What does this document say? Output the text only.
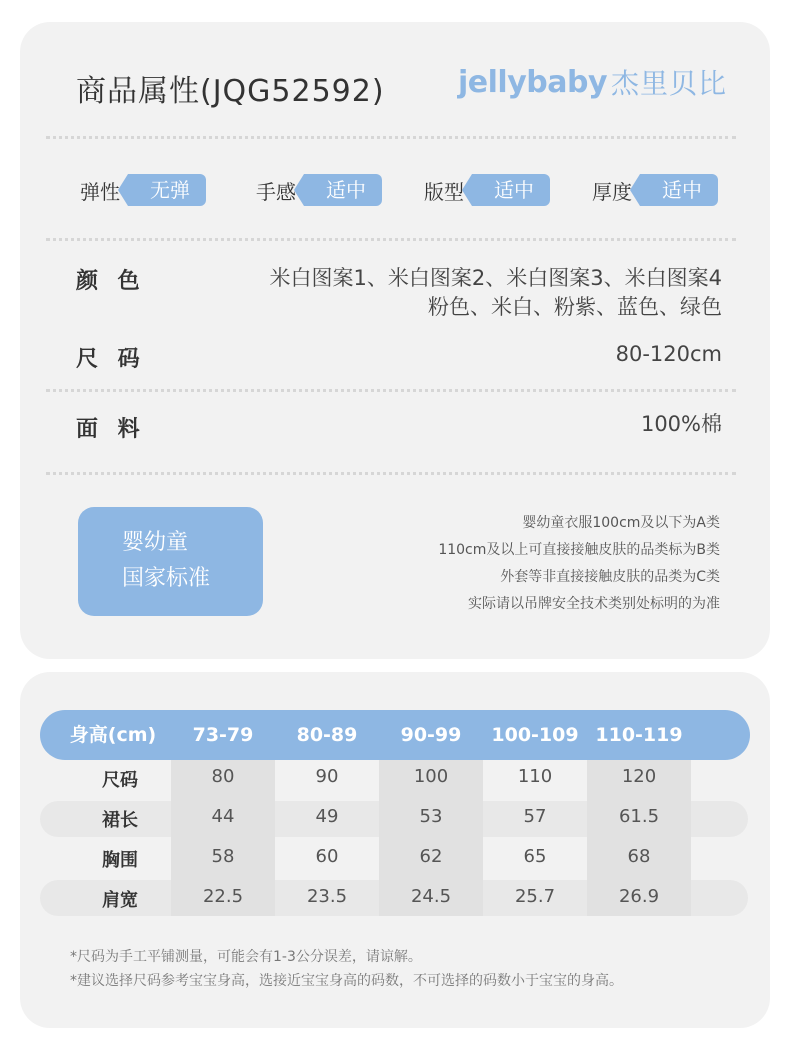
商品属性(JQG52592) jellybaby 杰里贝比
弹性	无弹	手感	适中	版型	适中	厚度	适中
颜 色	米白图案1、米白图案2、米白图案3、米白图案4
粉色、米白、粉紫、蓝色、绿色
尺 码	80-120cm
面 料	100%棉
婴幼童
国家标准
婴幼童衣服100cm及以下为A类
110cm及以上可直接接触皮肤的品类标为B类
外套等非直接接触皮肤的品类为C类
实际请以吊牌安全技术类别处标明的为准
身高(cm)	73-79	80-89	90-99	100-109 110-119
尺码	80	90	100	110	120
裙长	44	49	53	57	61.5
胸围	58	60	62	65	68
肩宽	22.5	23.5	24.5	25.7	26.9
*尺码为手工平铺测量，可能会有1-3公分误差，请谅解。
*建议选择尺码参考宝宝身高，选接近宝宝身高的码数，不可选择的码数小于宝宝的身高。
